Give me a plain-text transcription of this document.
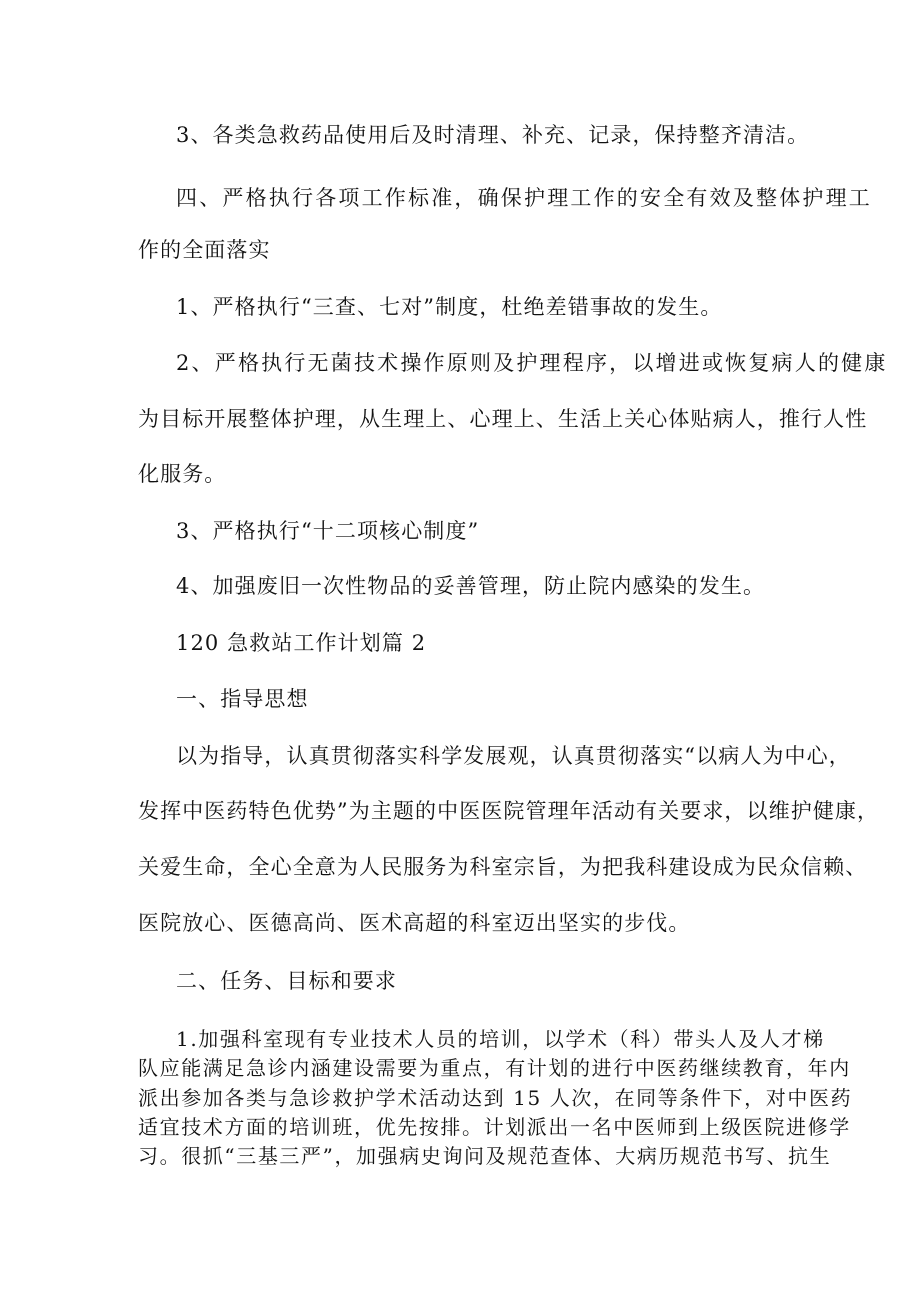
3、各类急救药品使用后及时清理、补充、记录，保持整齐清洁。

四、严格执行各项工作标准，确保护理工作的安全有效及整体护理工

作的全面落实

1、严格执行“三查、七对”制度，杜绝差错事故的发生。

2、严格执行无菌技术操作原则及护理程序，以增进或恢复病人的健康

为目标开展整体护理，从生理上、心理上、生活上关心体贴病人，推行人性

化服务。

3、严格执行“十二项核心制度”

4、加强废旧一次性物品的妥善管理，防止院内感染的发生。

120 急救站工作计划篇 2

一、指导思想

以为指导，认真贯彻落实科学发展观，认真贯彻落实“以病人为中心，

发挥中医药特色优势”为主题的中医医院管理年活动有关要求，以维护健康，

关爱生命，全心全意为人民服务为科室宗旨，为把我科建设成为民众信赖、

医院放心、医德高尚、医术高超的科室迈出坚实的步伐。

二、任务、目标和要求

1.加强科室现有专业技术人员的培训，以学术（科）带头人及人才梯

队应能满足急诊内涵建设需要为重点，有计划的进行中医药继续教育，年内

派出参加各类与急诊救护学术活动达到 15 人次，在同等条件下，对中医药

适宜技术方面的培训班，优先按排。计划派出一名中医师到上级医院进修学

习。很抓“三基三严”，加强病史询问及规范查体、大病历规范书写、抗生
